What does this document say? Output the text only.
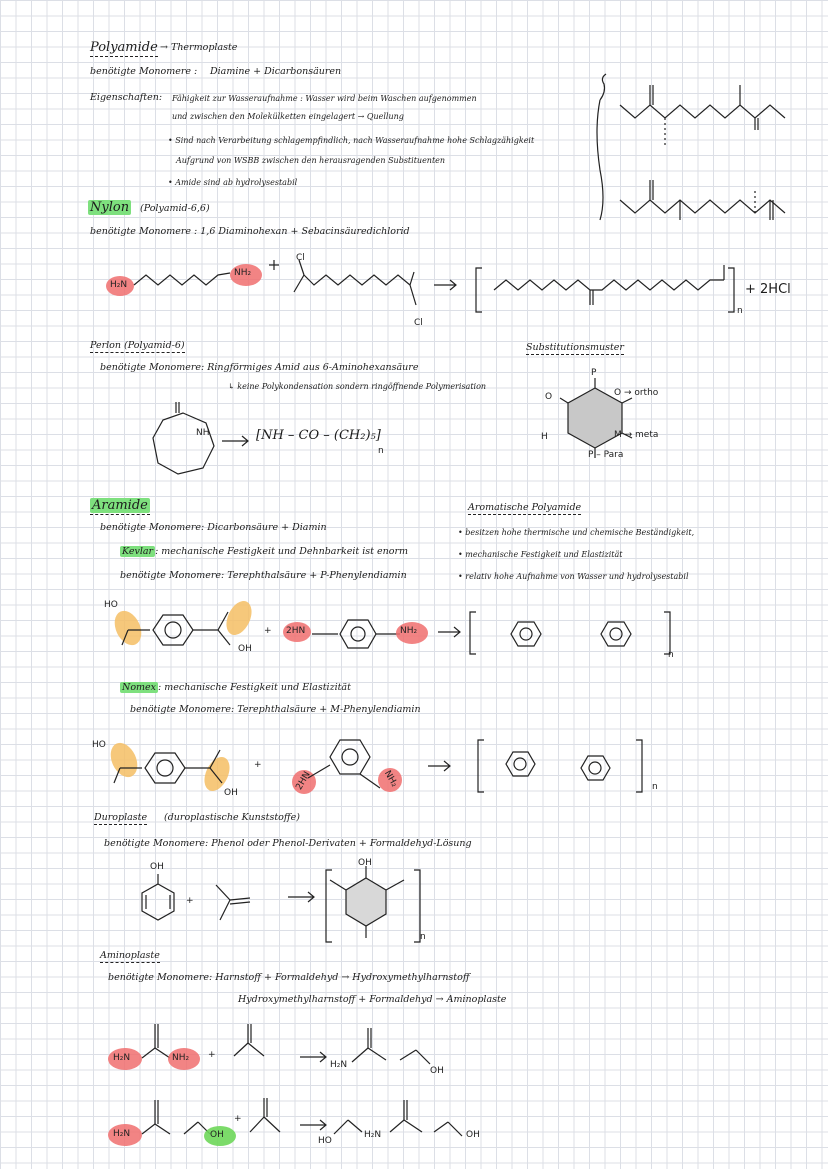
Polyamide → Thermoplaste
benötigte Monomere : Diamine + Dicarbonsäuren
Eigenschaften: Fähigkeit zur Wasseraufnahme : Wasser wird beim Waschen aufgenommen
und zwischen den Molekülketten eingelagert → Quellung
• Sind nach Verarbeitung schlagempfindlich, nach Wasseraufnahme hohe Schlagzähigkeit
Aufgrund von WSBB zwischen den herausragenden Substituenten
• Amide sind ab hydrolysestabil
Nylon (Polyamid-6,6)
benötigte Monomere : 1,6 Diaminohexan + Sebacinsäuredichlorid
H₂N
NH₂
Cl
Cl
n
+ 2HCl
Perlon (Polyamid-6)
benötigte Monomere: Ringförmiges Amid aus 6-Aminohexansäure
↳ keine Polykondensation sondern ringöffnende Polymerisation
NH	[NH – CO – (CH₂)₅]
n
Substitutionsmuster
P
O
H
O → ortho
M → meta
P – Para
Aramide
benötigte Monomere: Dicarbonsäure + Diamin
Kevlar : mechanische Festigkeit und Dehnbarkeit ist enorm
benötigte Monomere: Terephthalsäure + P-Phenylendiamin
HO
OH
+ 2HN	NH₂
n
Nomex : mechanische Festigkeit und Elastizität
benötigte Monomere: Terephthalsäure + M-Phenylendiamin
HO
OH
+
2HN	NH₂	n
Aromatische Polyamide
• besitzen hohe thermische und chemische Beständigkeit,
• mechanische Festigkeit und Elastizität
• relativ hohe Aufnahme von Wasser und hydrolysestabil
Duroplaste (duroplastische Kunststoffe)
benötigte Monomere: Phenol oder Phenol-Derivaten + Formaldehyd-Lösung
OH
+
OH
n
Aminoplaste
benötigte Monomere: Harnstoff + Formaldehyd → Hydroxymethylharnstoff
Hydroxymethylharnstoff + Formaldehyd → Aminoplaste
H₂N	NH₂ +
H₂N
OH
H₂N	OH
+
HO
H₂N	OH
